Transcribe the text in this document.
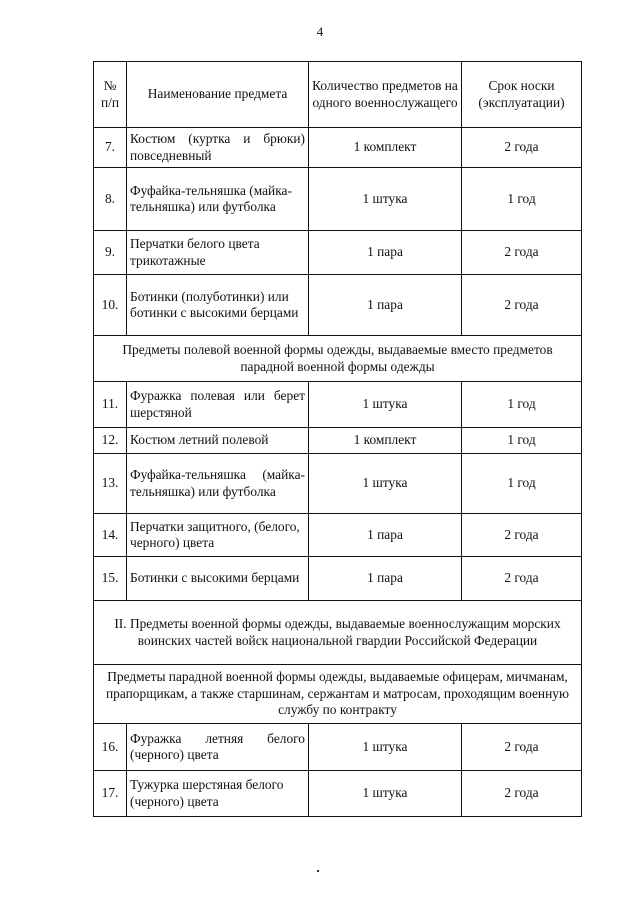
4
№
п/п	Наименование предмета	Количество предметов на одного военнослужащего	Срок носки (эксплуатации)
7.	Костюм (куртка и брюки) повседневный	1 комплект	2 года
8.	Фуфайка-тельняшка (майка-тельняшка) или футболка	1 штука	1 год
9.	Перчатки белого цвета трикотажные	1 пара	2 года
10.	Ботинки (полуботинки) или ботинки с высокими берцами	1 пара	2 года
Предметы полевой военной формы одежды, выдаваемые вместо предметов парадной военной формы одежды			
11.	Фуражка полевая или берет шерстяной	1 штука	1 год
12.	Костюм летний полевой	1 комплект	1 год
13.	Фуфайка-тельняшка (майка-тельняшка) или футболка	1 штука	1 год
14.	Перчатки защитного, (белого, черного) цвета	1 пара	2 года
15.	Ботинки с высокими берцами	1 пара	2 года
II. Предметы военной формы одежды, выдаваемые военнослужащим морских воинских частей войск национальной гвардии Российской Федерации			
Предметы парадной военной формы одежды, выдаваемые офицерам, мичманам, прапорщикам, а также старшинам, сержантам и матросам, проходящим военную службу по контракту			
16.	Фуражка летняя белого (черного) цвета	1 штука	2 года
17.	Тужурка шерстяная белого (черного) цвета	1 штука	2 года
